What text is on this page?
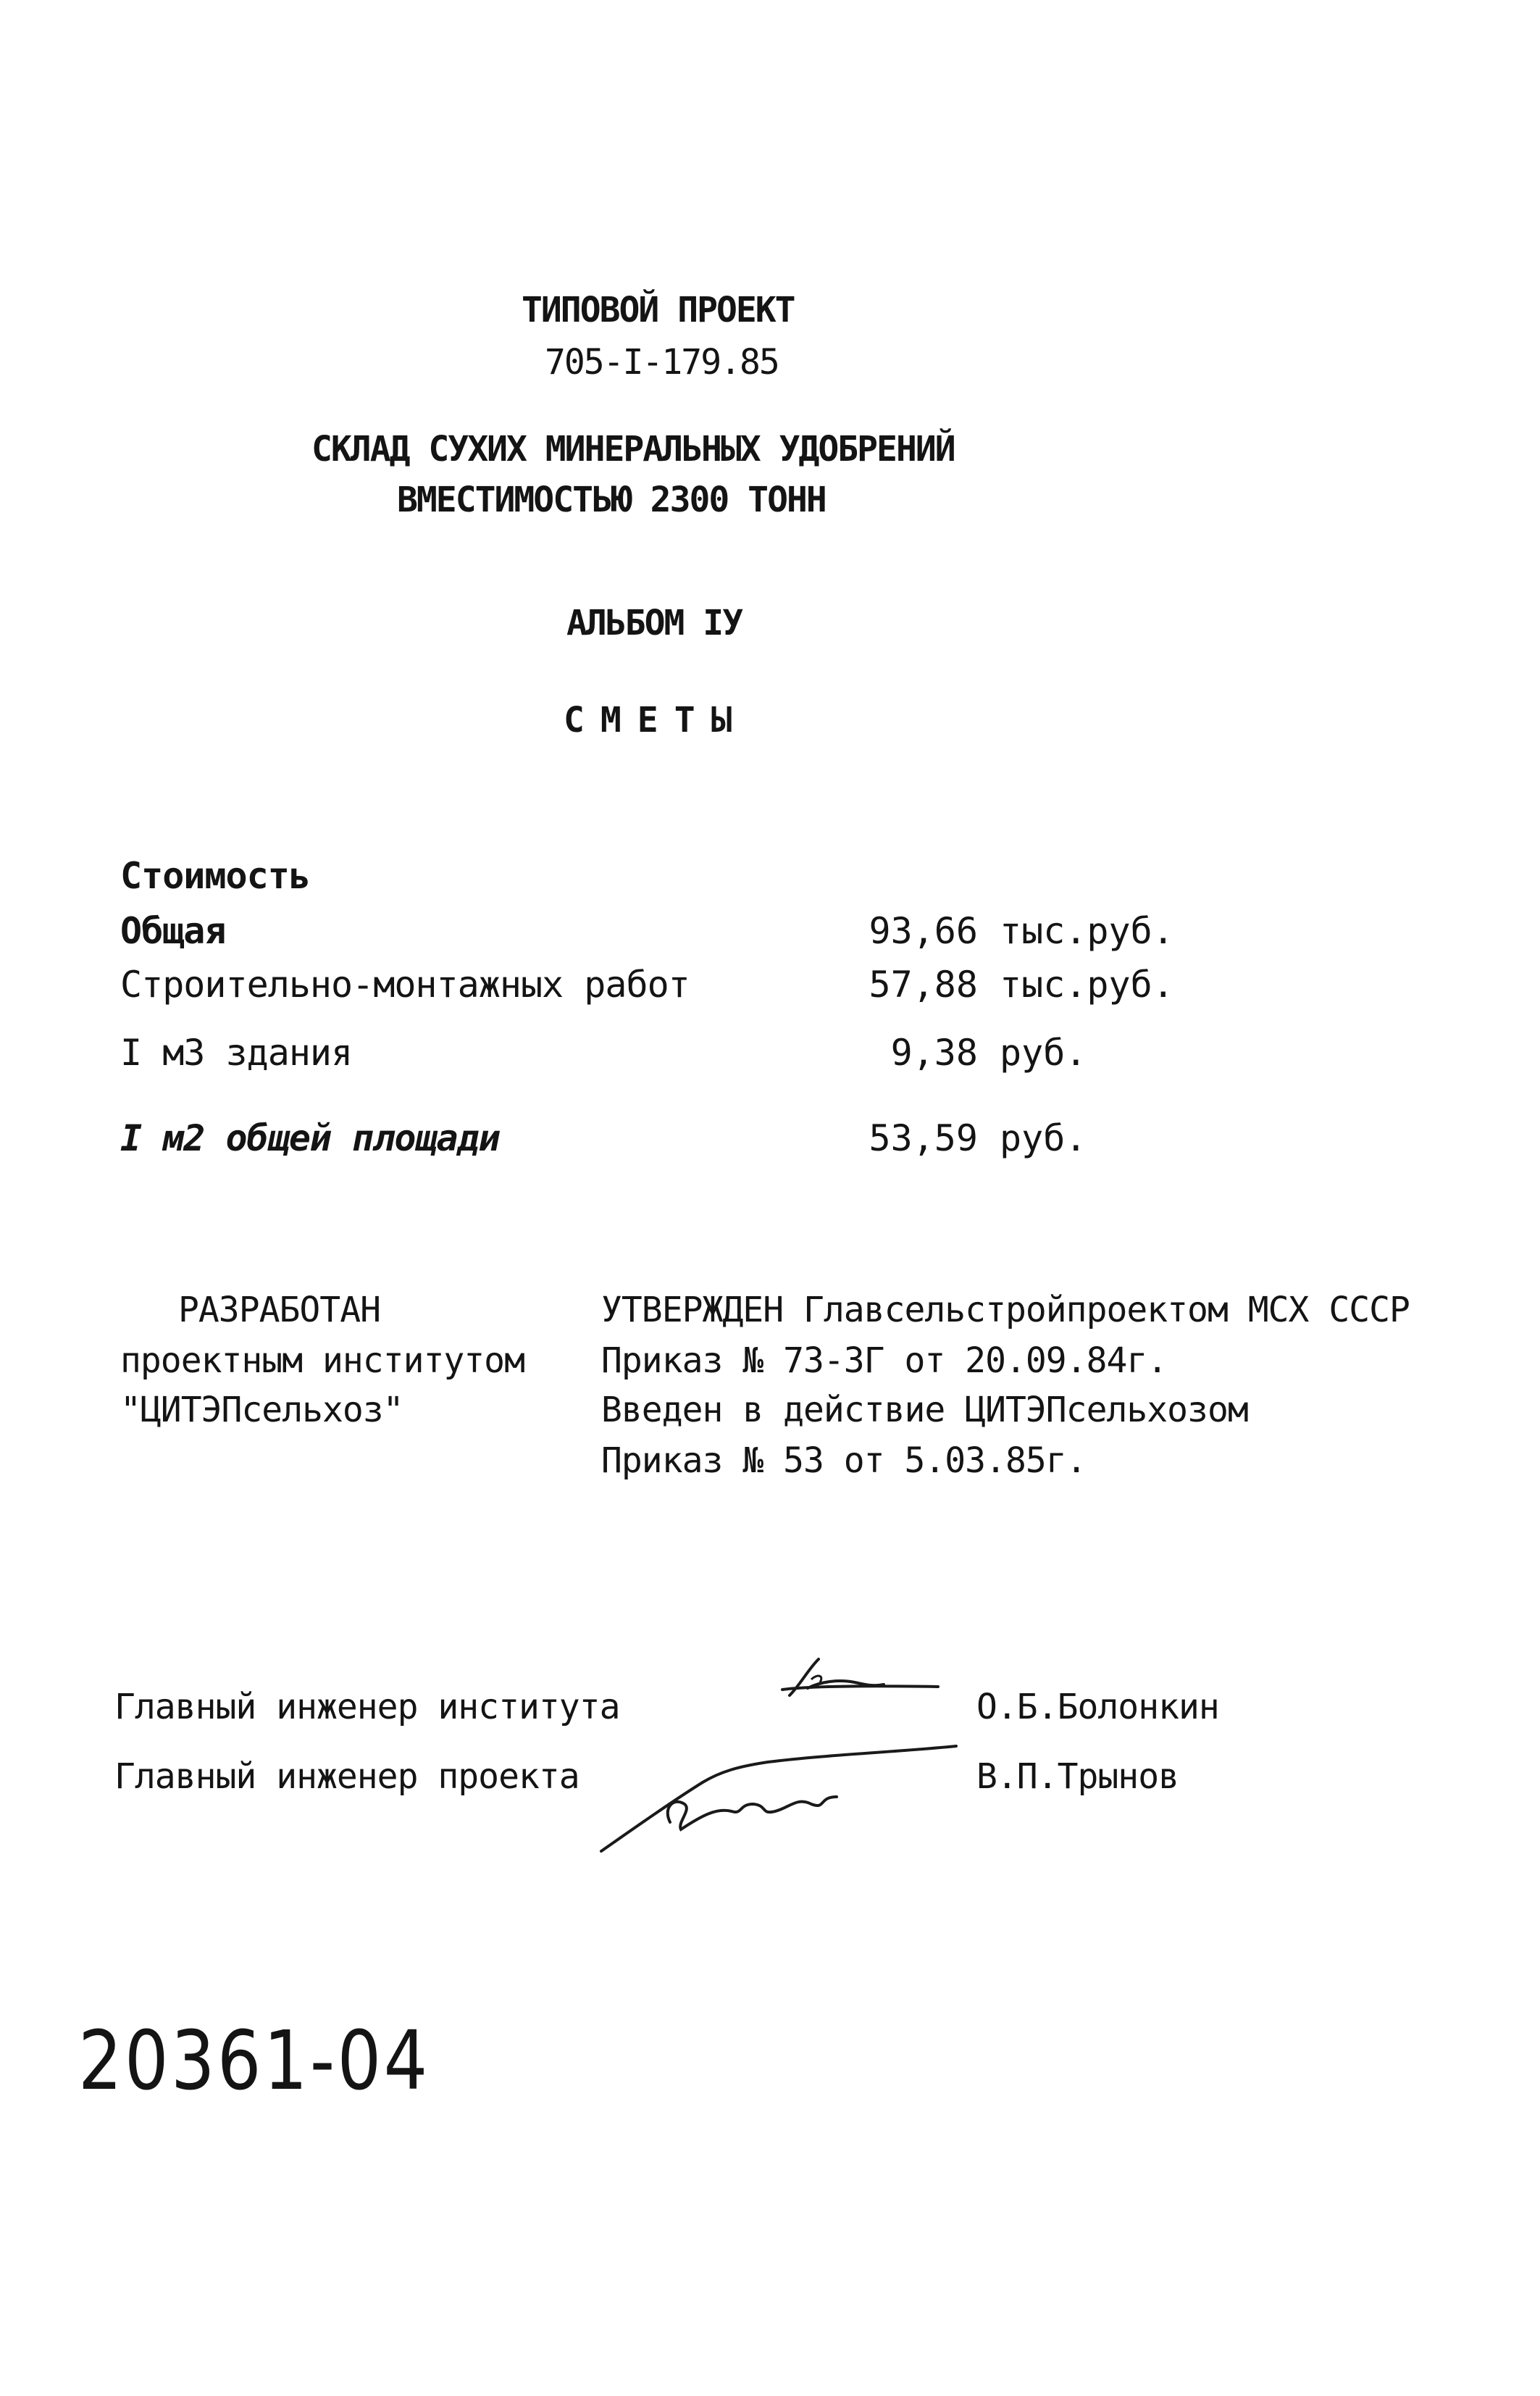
ТИПОВОЙ ПРОЕКТ
705-I-179.85
СКЛАД СУХИХ МИНЕРАЛЬНЫХ УДОБРЕНИЙ
ВМЕСТИМОСТЬЮ 2300 ТОНН
АЛЬБОМ IУ
СМЕТЫ
Стоимость
Общая	93,66 тыс.руб.
Строительно-монтажных работ	57,88 тыс.руб.
I м3 здания	9,38 руб.
I м2 общей площади	53,59 руб.
РАЗРАБОТАН
проектным институтом
"ЦИТЭПсельхоз"
УТВЕРЖДЕН Главсельстройпроектом МСХ СССР
Приказ № 73-ЗГ от 20.09.84г.
Введен в действие ЦИТЭПсельхозом
Приказ № 53 от 5.03.85г.
Главный инженер института	О.Б.Болонкин
Главный инженер проекта	В.П.Трынов
20361-04
